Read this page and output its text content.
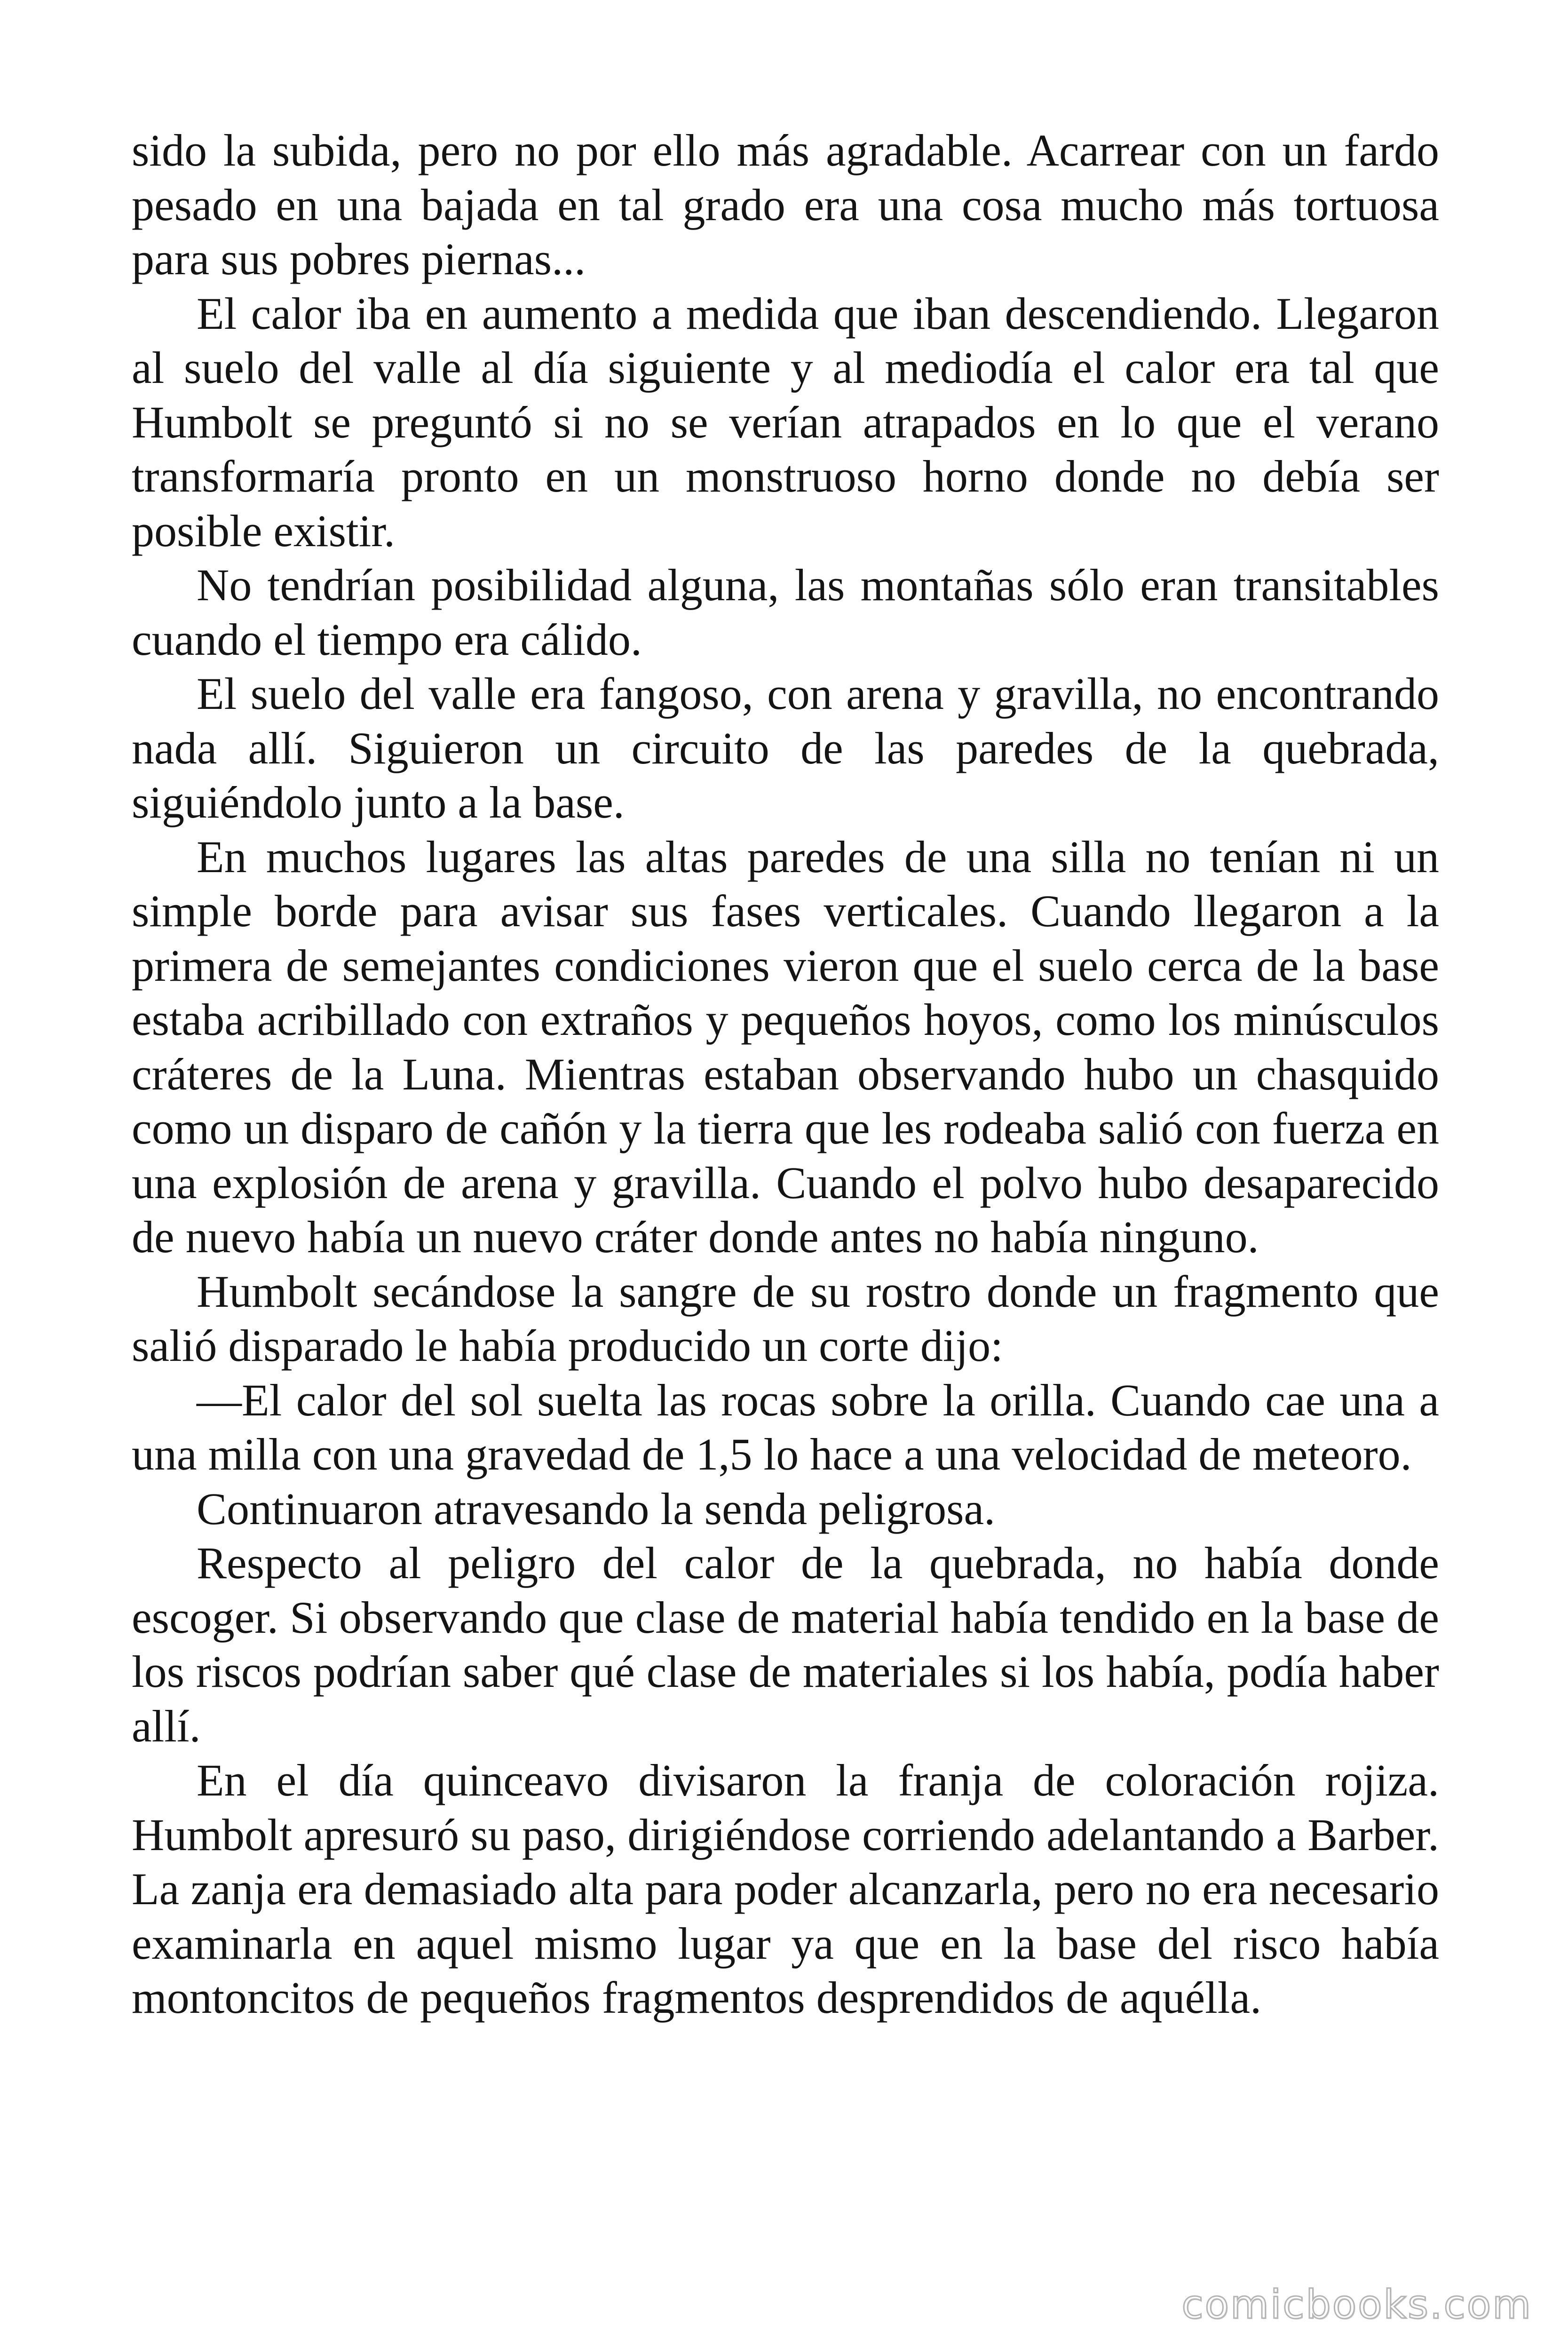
sido la subida, pero no por ello más agradable. Acarrear con un fardo pesado en una bajada en tal grado era una cosa mucho más tortuosa para sus pobres piernas...

El calor iba en aumento a medida que iban descendiendo. Llegaron al suelo del valle al día siguiente y al mediodía el calor era tal que Humbolt se preguntó si no se verían atrapados en lo que el verano transformaría pronto en un monstruoso horno donde no debía ser posible existir.

No tendrían posibilidad alguna, las montañas sólo eran transitables cuando el tiempo era cálido.

El suelo del valle era fangoso, con arena y gravilla, no encontrando nada allí. Siguieron un circuito de las paredes de la quebrada, siguiéndolo junto a la base.

En muchos lugares las altas paredes de una silla no tenían ni un simple borde para avisar sus fases verticales. Cuando llegaron a la primera de semejantes condiciones vieron que el suelo cerca de la base estaba acribillado con extraños y pequeños hoyos, como los minúsculos cráteres de la Luna. Mientras estaban observando hubo un chasquido como un disparo de cañón y la tierra que les rodeaba salió con fuerza en una explosión de arena y gravilla. Cuando el polvo hubo desaparecido de nuevo había un nuevo cráter donde antes no había ninguno.

Humbolt secándose la sangre de su rostro donde un fragmento que salió disparado le había producido un corte dijo:

—El calor del sol suelta las rocas sobre la orilla. Cuando cae una a una milla con una gravedad de 1,5 lo hace a una velocidad de meteoro.

Continuaron atravesando la senda peligrosa.

Respecto al peligro del calor de la quebrada, no había donde escoger. Si observando que clase de material había tendido en la base de los riscos podrían saber qué clase de materiales si los había, podía haber allí.

En el día quinceavo divisaron la franja de coloración rojiza. Humbolt apresuró su paso, dirigiéndose corriendo adelantando a Barber. La zanja era demasiado alta para poder alcanzarla, pero no era necesario examinarla en aquel mismo lugar ya que en la base del risco había montoncitos de pequeños fragmentos desprendidos de aquélla.

comicbooks.com
